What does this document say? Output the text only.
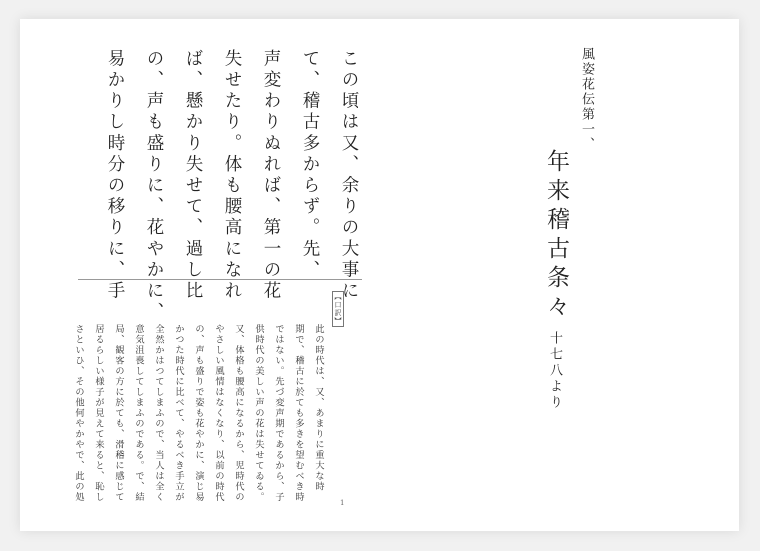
この頃は又、余りの大事に
て、稽古多からず。先、
声変わりぬれば、第一の花
失せたり。体も腰高になれ
ば、懸かり失せて、過し比
の、声も盛りに、花やかに、
易かりし時分の移りに、手
【口訳】
此の時代は、又、あまりに重大な時
期で、稽古に於ても多きを望むべき時
ではない。先づ変声期であるから、子
供時代の美しい声の花は失せてゐる。
又、体格も腰高になるから、児時代の
やさしい風情はなくなり、以前の時代
の、声も盛りで姿も花やかに、演じ易
かつた時代に比べて、やるべき手立が
全然かはつてしまふので、当人は全く
意気沮喪してしまふのである。で、結
局、観客の方に於ても、滑稽に感じて
居るらしい様子が見えて来ると、恥し
さといひ、その他何やかやで、此の処
1
風姿花伝第一、
年来稽古条々
十七八より
